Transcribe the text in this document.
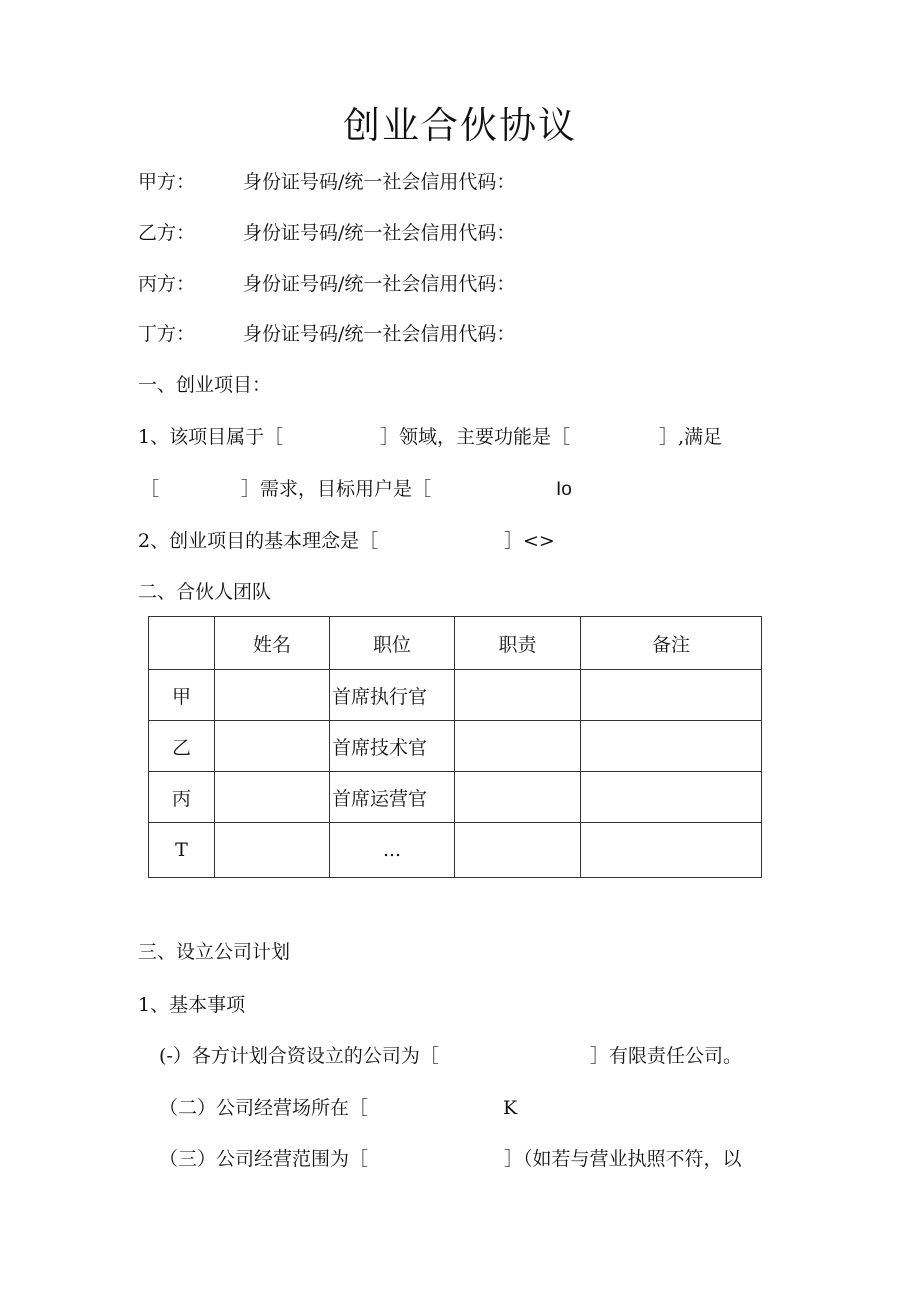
创业合伙协议
甲方：	身份证号码/统一社会信用代码：
乙方：	身份证号码/统一社会信用代码：
丙方：	身份证号码/统一社会信用代码：
丁方：	身份证号码/统一社会信用代码：
一、创业项目：
1、该项目属于［	］领域，主要功能是［	］,满足
［	］需求，目标用户是［	Io
2、创业项目的基本理念是［	］<>
二、合伙人团队
	姓名	职位	职责	备注
甲		首席执行官		
乙		首席技术官		
丙		首席运营官		
T		...		
三、设立公司计划
1、基本事项
(-）各方计划合资设立的公司为［	］有限责任公司。
（二）公司经营场所在［	K
（三）公司经营范围为［	］（如若与营业执照不符，以
